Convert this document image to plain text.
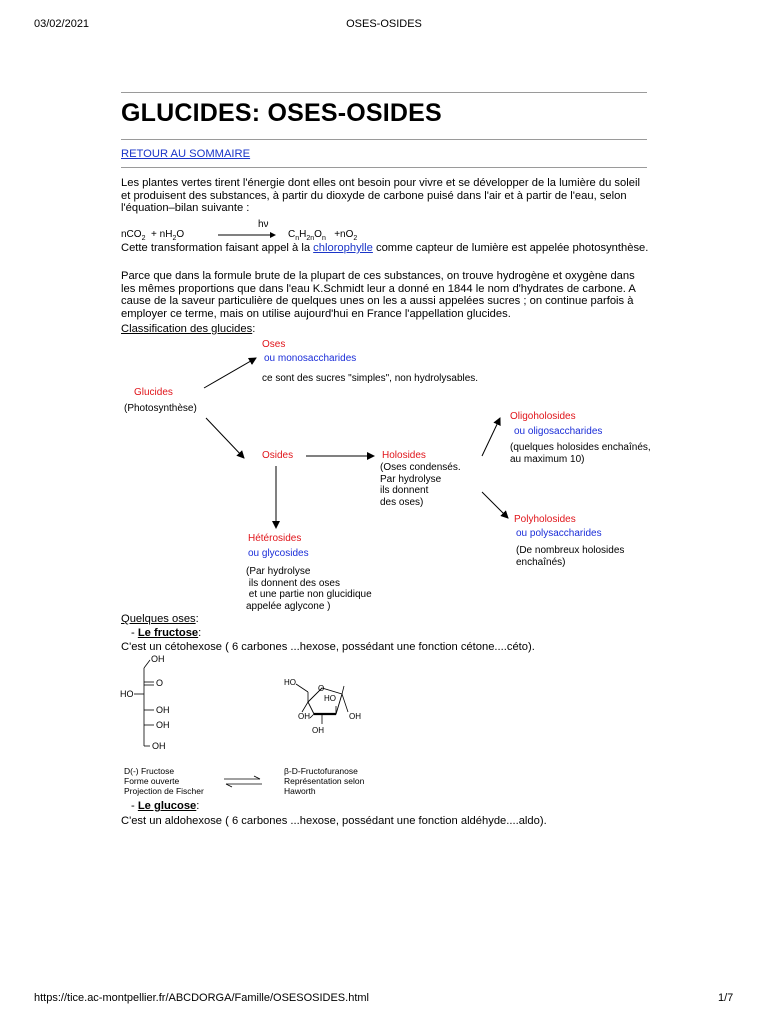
03/02/2021	OSES-OSIDES
GLUCIDES: OSES-OSIDES
RETOUR AU SOMMAIRE
Les plantes vertes tirent l'énergie dont elles ont besoin pour vivre et se développer de la lumière du soleil et produisent des substances, à partir du dioxyde de carbone puisé dans l'air et à partir de l'eau, selon l'équation–bilan suivante :
hν
$nCO_2 + nH_2O$	$C_nH_{2n}O_n +nO_2$
Cette transformation faisant appel à la chlorophylle comme capteur de lumière est appelée photosynthèse.
Parce que dans la formule brute de la plupart de ces substances, on trouve hydrogène et oxygène dans les mêmes proportions que dans l'eau K.Schmidt leur a donné en 1844 le nom d'hydrates de carbone. A cause de la saveur particulière de quelques unes on les a aussi appelées sucres ; on continue parfois à employer ce terme, mais on utilise aujourd'hui en France l'appellation glucides.
Classification des glucides:
Oses
ou monosaccharides
ce sont des sucres "simples", non hydrolysables.
Glucides
(Photosynthèse)
Osides	Holosides
(Oses condensés.
Par hydrolyse
ils donnent
des oses)
Oligoholosides
ou oligosaccharides
(quelques holosides enchaînés,
au maximum 10)
Polyholosides
ou polysaccharides
(De nombreux holosides
enchaînés)
Hétérosides
ou glycosides
(Par hydrolyse
ils donnent des oses
et une partie non glucidique
appelée aglycone )
Quelques oses:
- Le fructose:
C'est un cétohexose ( 6 carbones ...hexose, possédant une fonction cétone....céto).
OH
O
HO
OH
OH
OH
HO
O
HO
OH	OH
OH
D(-) Fructose
Forme ouverte
Projection de Fischer
β-D-Fructofuranose
Représentation selon
Haworth
- Le glucose:
C'est un aldohexose ( 6 carbones ...hexose, possédant une fonction aldéhyde....aldo).
https://tice.ac-montpellier.fr/ABCDORGA/Famille/OSESOSIDES.html	1/7
